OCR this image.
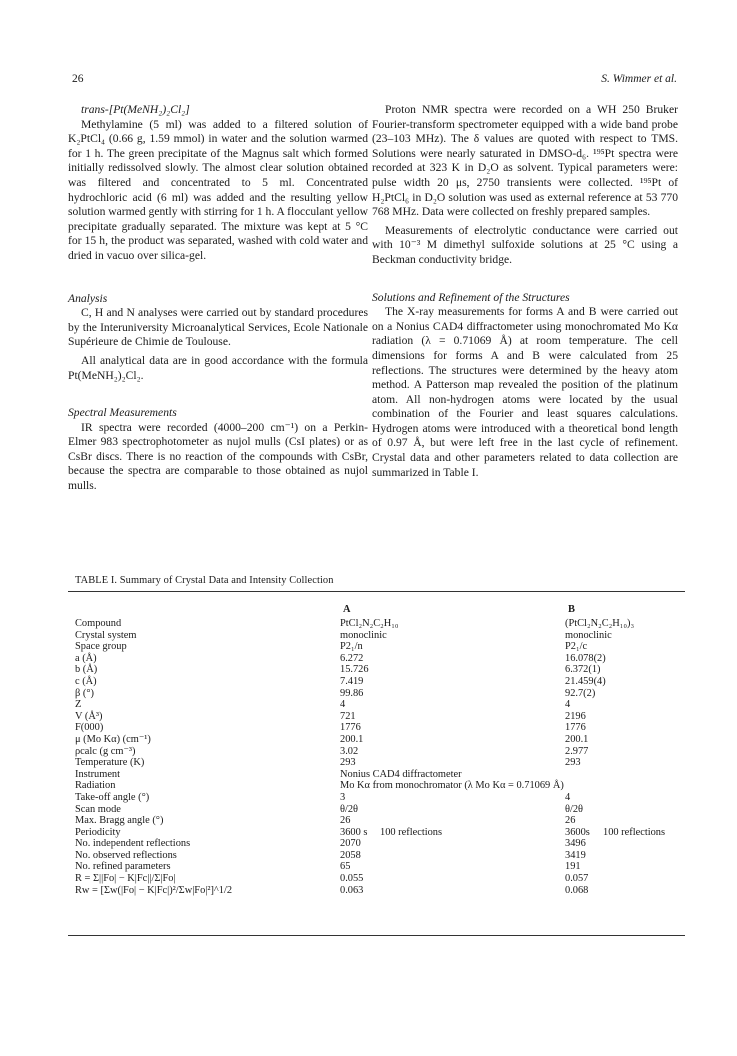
26	S. Wimmer et al.
trans-[Pt(MeNH₂)₂Cl₂]

Methylamine (5 ml) was added to a filtered solution of K₂PtCl₄ (0.66 g, 1.59 mmol) in water and the solution warmed for 1 h. The green precipitate of the Magnus salt which formed initially redissolved slowly. The almost clear solution obtained was filtered and concentrated to 5 ml. Concentrated hydrochloric acid (6 ml) was added and the resulting yellow solution warmed gently with stirring for 1 h. A flocculant yellow precipitate gradually separated. The mixture was kept at 5 °C for 15 h, the product was separated, washed with cold water and dried in vacuo over silica-gel.

Analysis

C, H and N analyses were carried out by standard procedures by the Interuniversity Microanalytical Services, Ecole Nationale Supérieure de Chimie de Toulouse.

All analytical data are in good accordance with the formula Pt(MeNH₂)₂Cl₂.

Spectral Measurements

IR spectra were recorded (4000–200 cm⁻¹) on a Perkin-Elmer 983 spectrophotometer as nujol mulls (CsI plates) or as CsBr discs. There is no reaction of the compounds with CsBr, because the spectra are comparable to those obtained as nujol mulls.

Proton NMR spectra were recorded on a WH 250 Bruker Fourier-transform spectrometer equipped with a wide band probe (23–103 MHz). The δ values are quoted with respect to TMS. Solutions were nearly saturated in DMSO-d₆. ¹⁹⁵Pt spectra were recorded at 323 K in D₂O as solvent. Typical parameters were: pulse width 20 μs, 2750 transients were collected. ¹⁹⁵Pt of H₂PtCl₆ in D₂O solution was used as external reference at 53 770 768 MHz. Data were collected on freshly prepared samples.

Measurements of electrolytic conductance were carried out with 10⁻³ M dimethyl sulfoxide solutions at 25 °C using a Beckman conductivity bridge.

Solutions and Refinement of the Structures

The X-ray measurements for forms A and B were carried out on a Nonius CAD4 diffractometer using monochromated Mo Kα radiation (λ = 0.71069 Å) at room temperature. The cell dimensions for forms A and B were calculated from 25 reflections. The structures were determined by the heavy atom method. A Patterson map revealed the position of the platinum atom. All non-hydrogen atoms were located by the usual combination of the Fourier and least squares calculations. Hydrogen atoms were introduced with a theoretical bond length of 0.97 Å, but were left free in the last cycle of refinement. Crystal data and other parameters related to data collection are summarized in Table I.

TABLE I. Summary of Crystal Data and Intensity Collection
A	B
Compound	PtCl₂N₂C₂H₁₀	(PtCl₂N₂C₂H₁₀)₃
Crystal system	monoclinic	monoclinic
Space group	P2₁/n	P2₁/c
a (Å)	6.272	16.078(2)
b (Å)	15.726	6.372(1)
c (Å)	7.419	21.459(4)
β (°)	99.86	92.7(2)
Z	4	4
V (Å³)	721	2196
F(000)	1776	1776
μ (Mo Kα) (cm⁻¹)	200.1	200.1
ρcalc (g cm⁻³)	3.02	2.977
Temperature (K)	293	293
Instrument	Nonius CAD4 diffractometer
Radiation	Mo Kα from monochromator (λ Mo Kα = 0.71069 Å)
Take-off angle (°)	3	4
Scan mode	θ/2θ	θ/2θ
Max. Bragg angle (°)	26	26
Periodicity	3600 s 100 reflections	3600s 100 reflections
No. independent reflections	2070	3496
No. observed reflections	2058	3419
No. refined parameters	65	191
R = Σ||Fo| − K|Fc||/Σ|Fo|	0.055	0.057
Rw = [Σw(|Fo| − K|Fc|)²/Σw|Fo|²]^1/2	0.063	0.068
